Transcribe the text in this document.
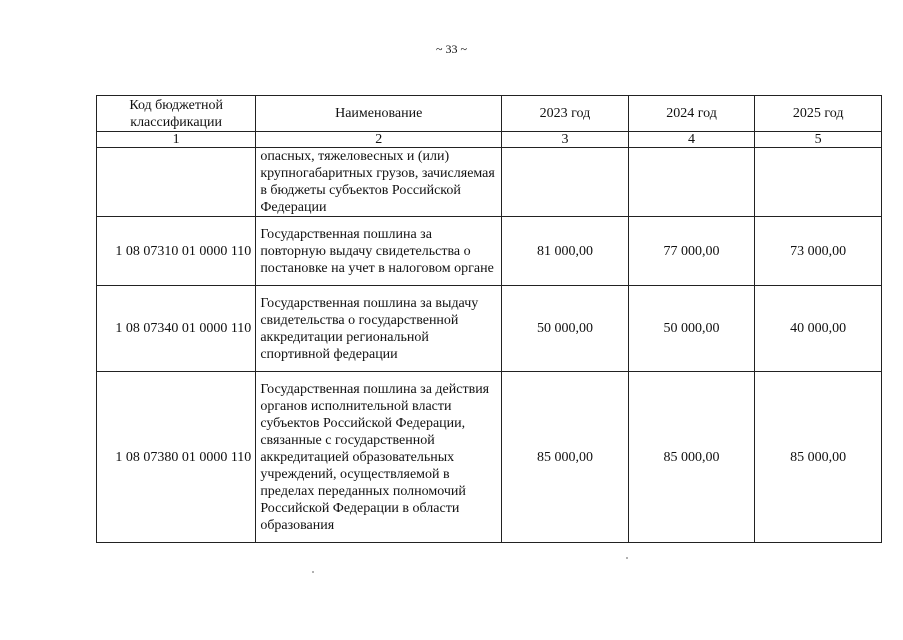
~ 33 ~
Код бюджетной классификации	Наименование	2023 год	2024 год	2025 год
1	2	3	4	5
	опасных, тяжеловесных и (или) крупногабаритных грузов, зачисляемая в бюджеты субъектов Российской Федерации			
1 08 07310 01 0000 110	Государственная пошлина за повторную выдачу свидетельства о постановке на учет в налоговом органе	81 000,00	77 000,00	73 000,00
1 08 07340 01 0000 110	Государственная пошлина за выдачу свидетельства о государственной аккредитации региональной спортивной федерации	50 000,00	50 000,00	40 000,00
1 08 07380 01 0000 110	Государственная пошлина за действия органов исполнительной власти субъектов Российской Федерации, связанные с государственной аккредитацией образовательных учреждений, осуществляемой в пределах переданных полномочий Российской Федерации в области образования	85 000,00	85 000,00	85 000,00
